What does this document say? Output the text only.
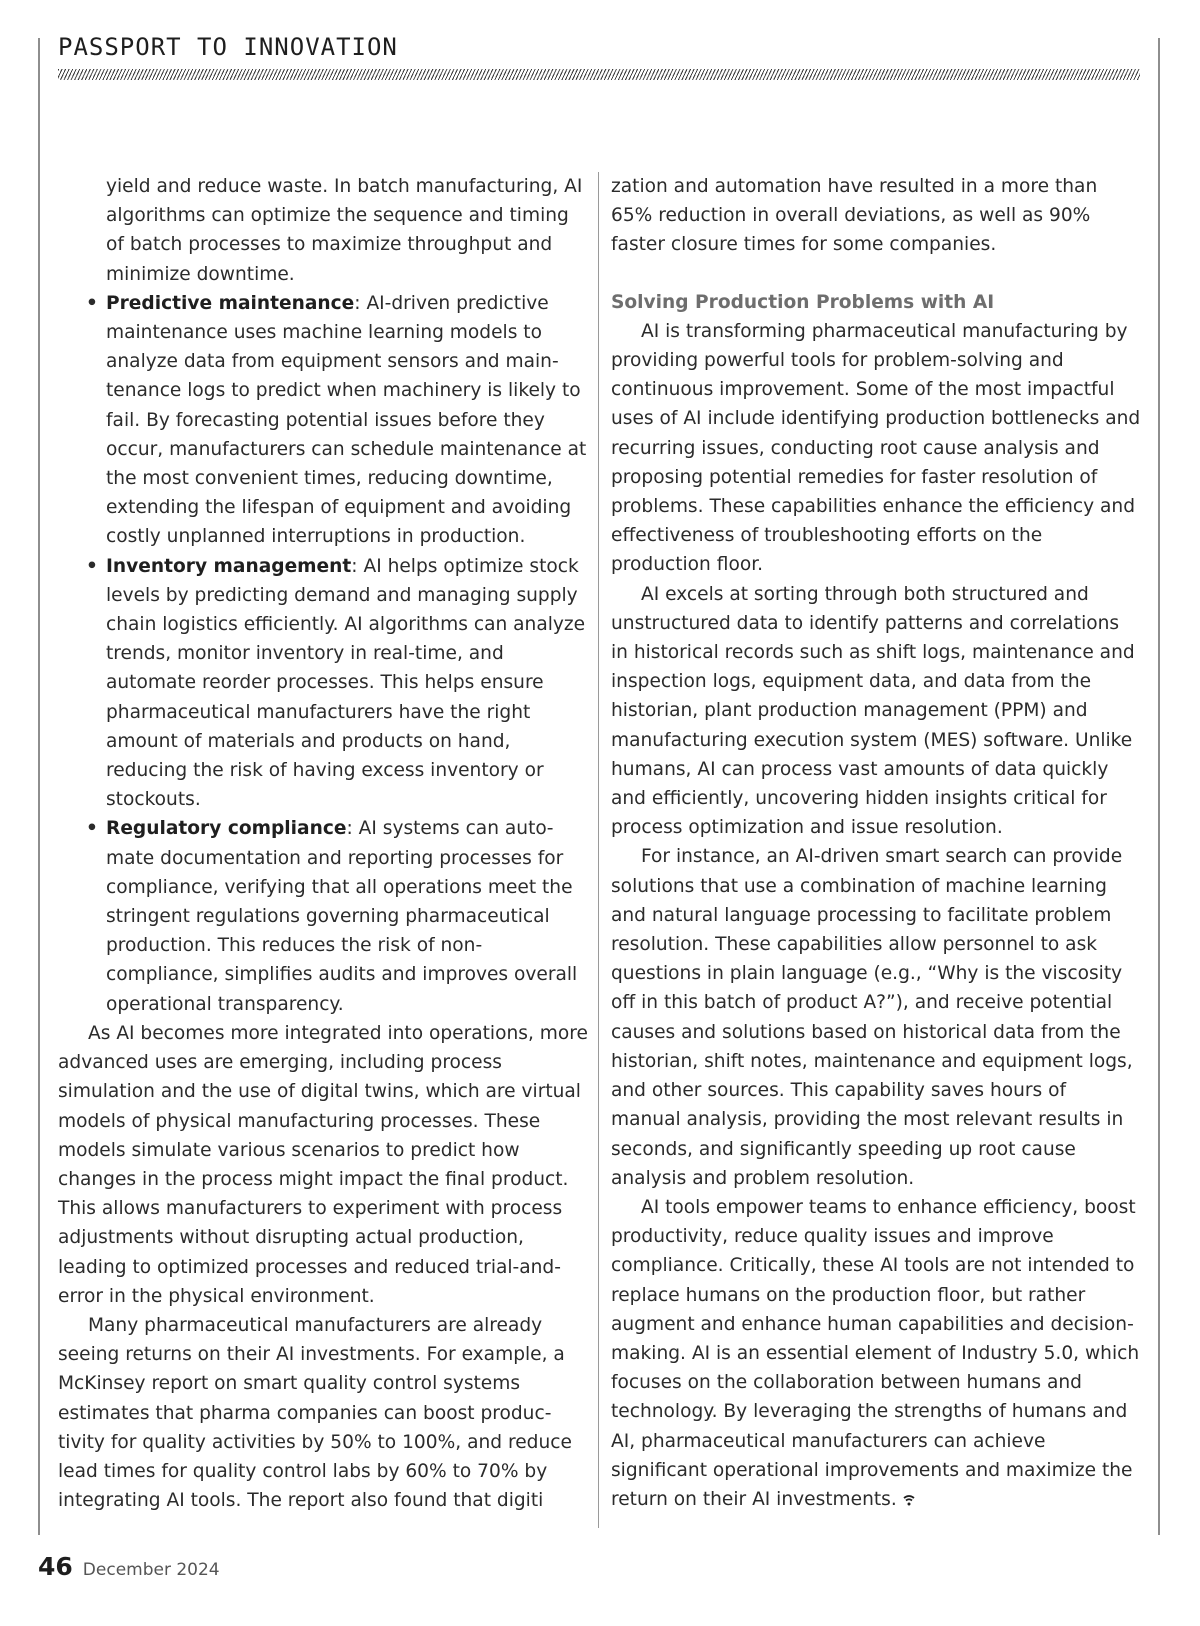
PASSPORT TO INNOVATION

yield and reduce waste. In batch manufacturing, AI algorithms can optimize the sequence and timing of batch processes to maximize throughput and minimize downtime.

• Predictive maintenance: AI-driven predictive maintenance uses machine learning models to analyze data from equipment sensors and maintenance logs to predict when machinery is likely to fail. By forecasting potential issues before they occur, manufacturers can schedule maintenance at the most convenient times, reducing downtime, extending the lifespan of equipment and avoiding costly unplanned interruptions in production.
• Inventory management: AI helps optimize stock levels by predicting demand and managing supply chain logistics efficiently. AI algorithms can analyze trends, monitor inventory in real-time, and automate reorder processes. This helps ensure pharmaceutical manufacturers have the right amount of materials and products on hand, reducing the risk of having excess inventory or stockouts.
• Regulatory compliance: AI systems can automate documentation and reporting processes for compliance, verifying that all operations meet the stringent regulations governing pharmaceutical production. This reduces the risk of non-compliance, simplifies audits and improves overall operational transparency.

As AI becomes more integrated into operations, more advanced uses are emerging, including process simulation and the use of digital twins, which are virtual models of physical manufacturing processes. These models simulate various scenarios to predict how changes in the process might impact the final product. This allows manufacturers to experiment with process adjustments without disrupting actual production, leading to optimized processes and reduced trial-and-error in the physical environment.

Many pharmaceutical manufacturers are already seeing returns on their AI investments. For example, a McKinsey report on smart quality control systems estimates that pharma companies can boost productivity for quality activities by 50% to 100%, and reduce lead times for quality control labs by 60% to 70% by integrating AI tools. The report also found that digiti

zation and automation have resulted in a more than 65% reduction in overall deviations, as well as 90% faster closure times for some companies.

Solving Production Problems with AI

AI is transforming pharmaceutical manufacturing by providing powerful tools for problem-solving and continuous improvement. Some of the most impactful uses of AI include identifying production bottlenecks and recurring issues, conducting root cause analysis and proposing potential remedies for faster resolution of problems. These capabilities enhance the efficiency and effectiveness of troubleshooting efforts on the production floor.

AI excels at sorting through both structured and unstructured data to identify patterns and correlations in historical records such as shift logs, maintenance and inspection logs, equipment data, and data from the historian, plant production management (PPM) and manufacturing execution system (MES) software. Unlike humans, AI can process vast amounts of data quickly and efficiently, uncovering hidden insights critical for process optimization and issue resolution.

For instance, an AI-driven smart search can provide solutions that use a combination of machine learning and natural language processing to facilitate problem resolution. These capabilities allow personnel to ask questions in plain language (e.g., “Why is the viscosity off in this batch of product A?”), and receive potential causes and solutions based on historical data from the historian, shift notes, maintenance and equipment logs, and other sources. This capability saves hours of manual analysis, providing the most relevant results in seconds, and significantly speeding up root cause analysis and problem resolution.

AI tools empower teams to enhance efficiency, boost productivity, reduce quality issues and improve compliance. Critically, these AI tools are not intended to replace humans on the production floor, but rather augment and enhance human capabilities and decision-making. AI is an essential element of Industry 5.0, which focuses on the collaboration between humans and technology. By leveraging the strengths of humans and AI, pharmaceutical manufacturers can achieve significant operational improvements and maximize the return on their AI investments.

46 December 2024
